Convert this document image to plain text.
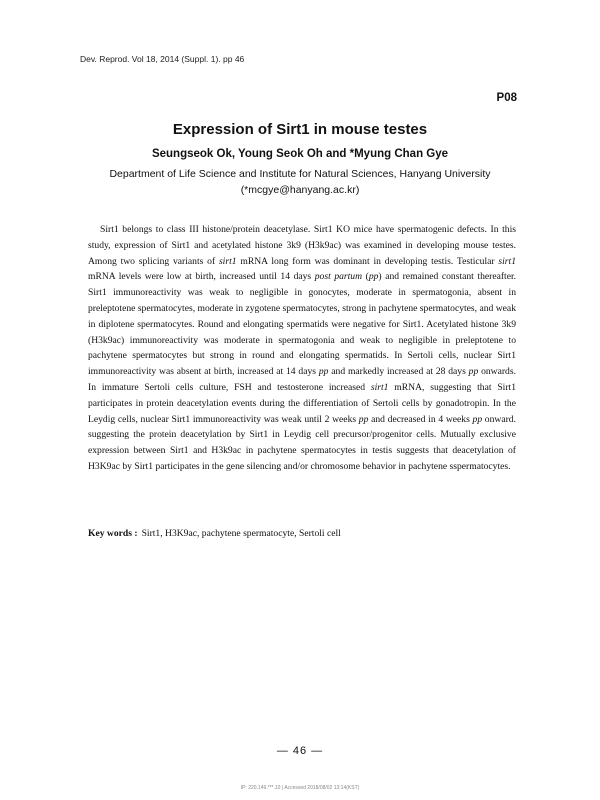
Dev. Reprod. Vol 18, 2014 (Suppl. 1). pp 46
P08
Expression of Sirt1 in mouse testes
Seungseok Ok, Young Seok Oh and *Myung Chan Gye
Department of Life Science and Institute for Natural Sciences, Hanyang University
(*mcgye@hanyang.ac.kr)

Sirt1 belongs to class III histone/protein deacetylase. Sirt1 KO mice have spermatogenic defects. In this study, expression of Sirt1 and acetylated histone 3k9 (H3k9ac) was examined in developing mouse testes. Among two splicing variants of sirt1 mRNA long form was dominant in developing testis. Testicular sirt1 mRNA levels were low at birth, increased until 14 days post partum (pp) and remained constant thereafter. Sirt1 immunoreactivity was weak to negligible in gonocytes, moderate in spermatogonia, absent in preleptotene spermatocytes, moderate in zygotene spermatocytes, strong in pachytene spermatocytes, and weak in diplotene spermatocytes. Round and elongating spermatids were negative for Sirt1. Acetylated histone 3k9 (H3k9ac) immunoreactivity was moderate in spermatogonia and weak to negligible in preleptotene to pachytene spermatocytes but strong in round and elongating spermatids. In Sertoli cells, nuclear Sirt1 immunoreactivity was absent at birth, increased at 14 days pp and markedly increased at 28 days pp onwards. In immature Sertoli cells culture, FSH and testosterone increased sirt1 mRNA, suggesting that Sirt1 participates in protein deacetylation events during the differentiation of Sertoli cells by gonadotropin. In the Leydig cells, nuclear Sirt1 immunoreactivity was weak until 2 weeks pp and decreased in 4 weeks pp onward. suggesting the protein deacetylation by Sirt1 in Leydig cell precursor/progenitor cells. Mutually exclusive expression between Sirt1 and H3k9ac in pachytene spermatocytes in testis suggests that deacetylation of H3K9ac by Sirt1 participates in the gene silencing and/or chromosome behavior in pachytene sspermatocytes.

Key words : Sirt1, H3K9ac, pachytene spermatocyte, Sertoli cell

― 46 ―
IP: 220.149.***.10 | Accessed 2018/08/02 13:14(KST)
